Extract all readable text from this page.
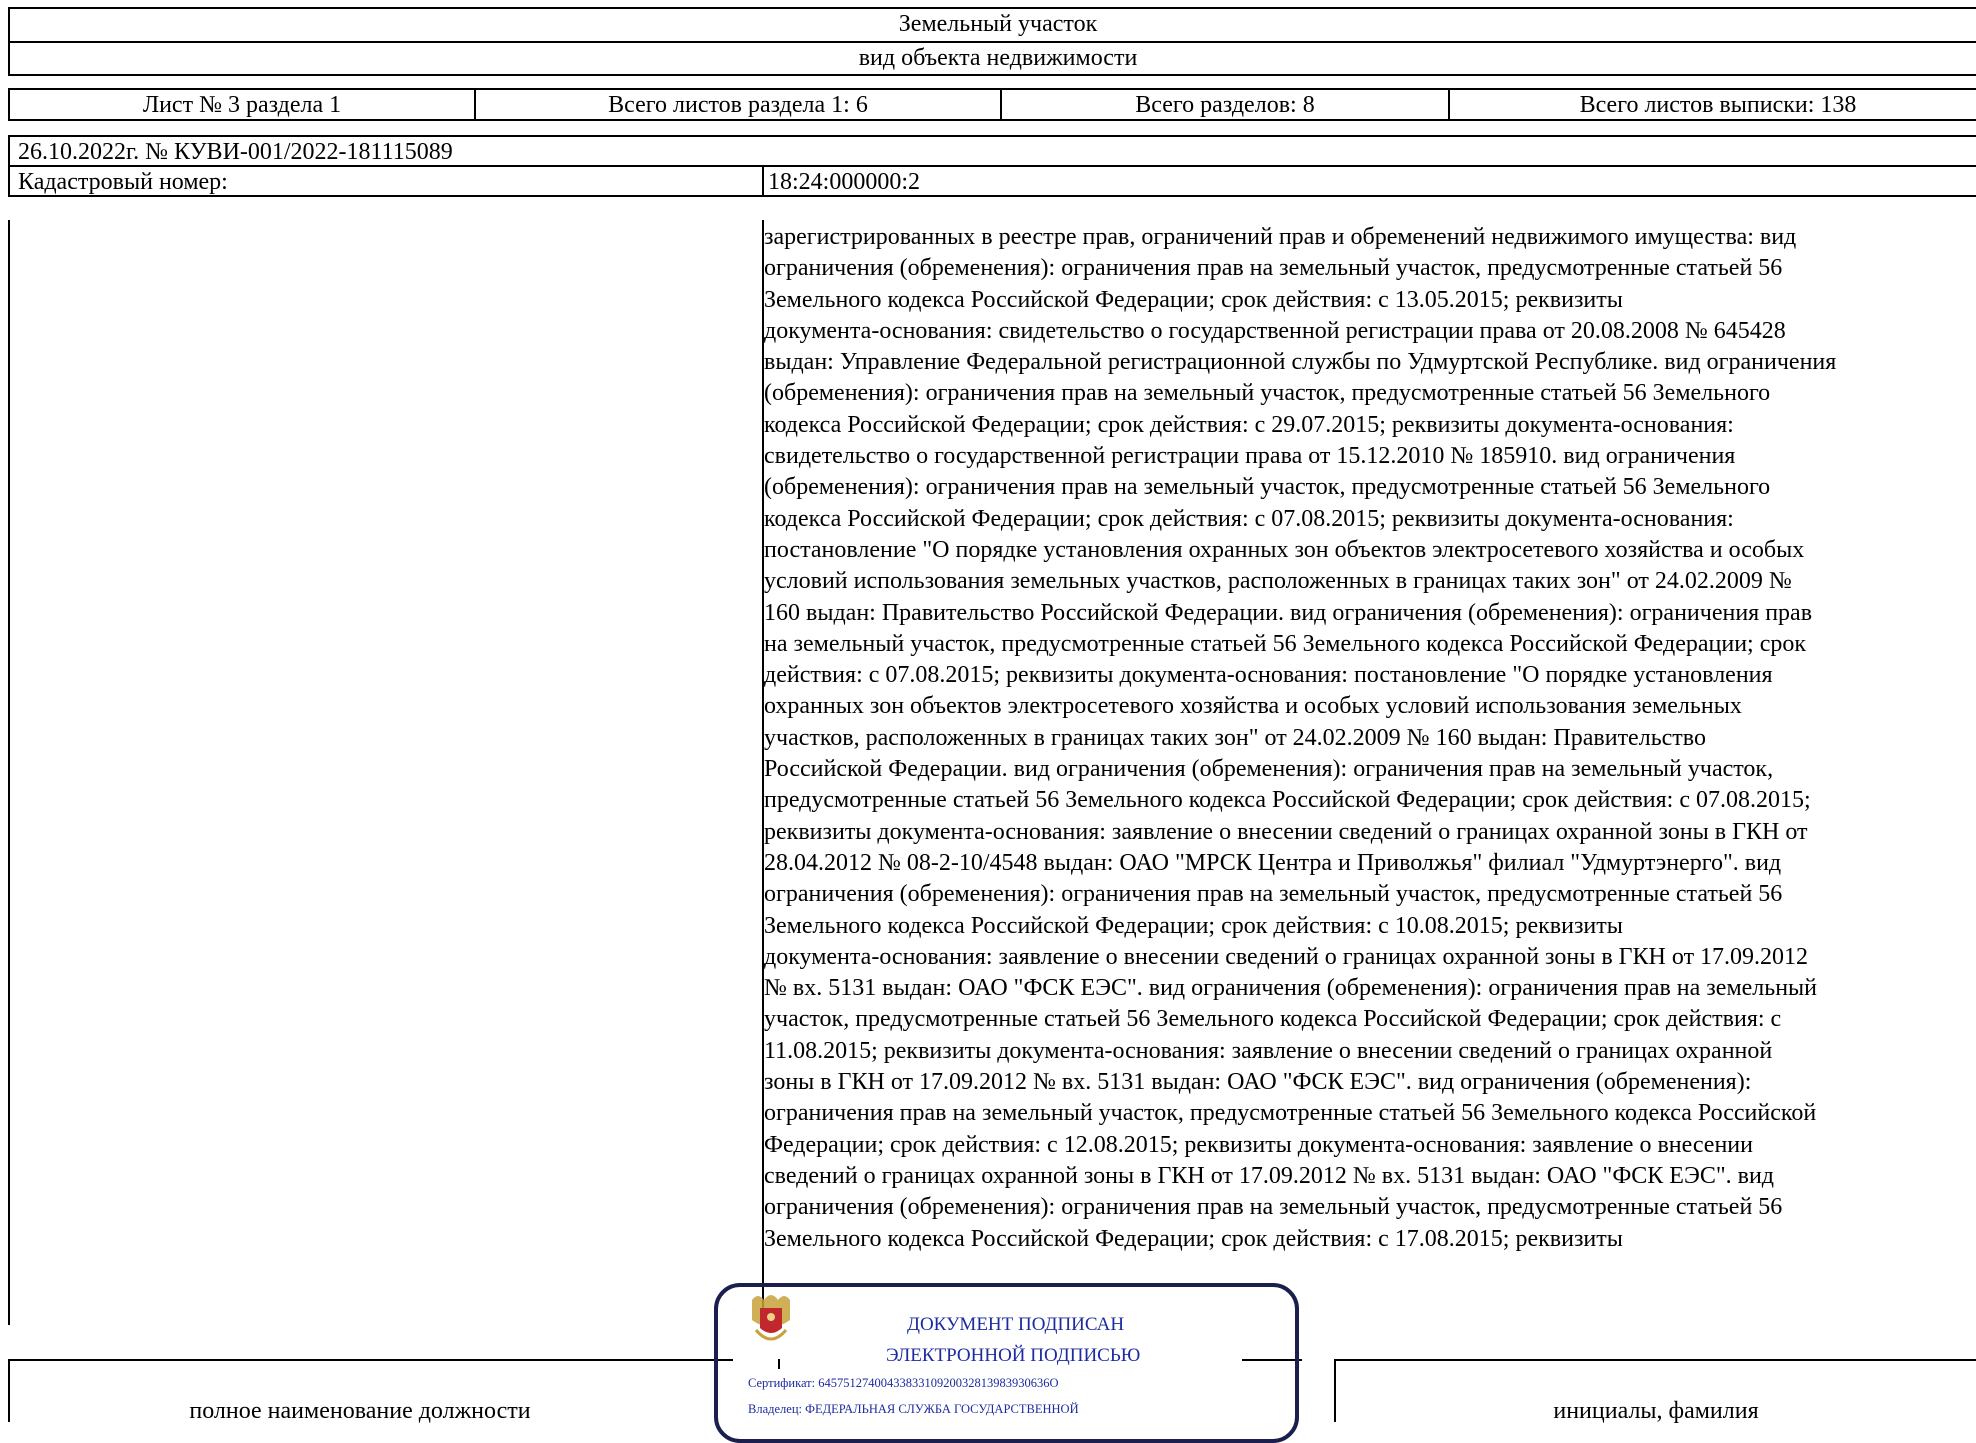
Земельный участок
вид объекта недвижимости
Лист № 3 раздела 1	Всего листов раздела 1: 6	Всего разделов: 8	Всего листов выписки: 138
26.10.2022г. № КУВИ-001/2022-181115089
Кадастровый номер:	18:24:000000:2
зарегистрированных в реестре прав, ограничений прав и обременений недвижимого имущества: вид
ограничения (обременения): ограничения прав на земельный участок, предусмотренные статьей 56
Земельного кодекса Российской Федерации; срок действия: с 13.05.2015; реквизиты
документа-основания: свидетельство о государственной регистрации права от 20.08.2008 № 645428
выдан: Управление Федеральной регистрационной службы по Удмуртской Республике. вид ограничения
(обременения): ограничения прав на земельный участок, предусмотренные статьей 56 Земельного
кодекса Российской Федерации; срок действия: с 29.07.2015; реквизиты документа-основания:
свидетельство о государственной регистрации права от 15.12.2010 № 185910. вид ограничения
(обременения): ограничения прав на земельный участок, предусмотренные статьей 56 Земельного
кодекса Российской Федерации; срок действия: с 07.08.2015; реквизиты документа-основания:
постановление "О порядке установления охранных зон объектов электросетевого хозяйства и особых
условий использования земельных участков, расположенных в границах таких зон" от 24.02.2009 №
160 выдан: Правительство Российской Федерации. вид ограничения (обременения): ограничения прав
на земельный участок, предусмотренные статьей 56 Земельного кодекса Российской Федерации; срок
действия: с 07.08.2015; реквизиты документа-основания: постановление "О порядке установления
охранных зон объектов электросетевого хозяйства и особых условий использования земельных
участков, расположенных в границах таких зон" от 24.02.2009 № 160 выдан: Правительство
Российской Федерации. вид ограничения (обременения): ограничения прав на земельный участок,
предусмотренные статьей 56 Земельного кодекса Российской Федерации; срок действия: с 07.08.2015;
реквизиты документа-основания: заявление о внесении сведений о границах охранной зоны в ГКН от
28.04.2012 № 08-2-10/4548 выдан: ОАО "МРСК Центра и Приволжья" филиал "Удмуртэнерго". вид
ограничения (обременения): ограничения прав на земельный участок, предусмотренные статьей 56
Земельного кодекса Российской Федерации; срок действия: с 10.08.2015; реквизиты
документа-основания: заявление о внесении сведений о границах охранной зоны в ГКН от 17.09.2012
№ вх. 5131 выдан: ОАО "ФСК ЕЭС". вид ограничения (обременения): ограничения прав на земельный
участок, предусмотренные статьей 56 Земельного кодекса Российской Федерации; срок действия: с
11.08.2015; реквизиты документа-основания: заявление о внесении сведений о границах охранной
зоны в ГКН от 17.09.2012 № вх. 5131 выдан: ОАО "ФСК ЕЭС". вид ограничения (обременения):
ограничения прав на земельный участок, предусмотренные статьей 56 Земельного кодекса Российской
Федерации; срок действия: с 12.08.2015; реквизиты документа-основания: заявление о внесении
сведений о границах охранной зоны в ГКН от 17.09.2012 № вх. 5131 выдан: ОАО "ФСК ЕЭС". вид
ограничения (обременения): ограничения прав на земельный участок, предусмотренные статьей 56
Земельного кодекса Российской Федерации; срок действия: с 17.08.2015; реквизиты
полное наименование должности	инициалы, фамилия
ДОКУМЕНТ ПОДПИСАН
ЭЛЕКТРОННОЙ ПОДПИСЬЮ
Сертификат: 6457512740043383310920032813983930636O
Владелец: ФЕДЕРАЛЬНАЯ СЛУЖБА ГОСУДАРСТВЕННОЙ
